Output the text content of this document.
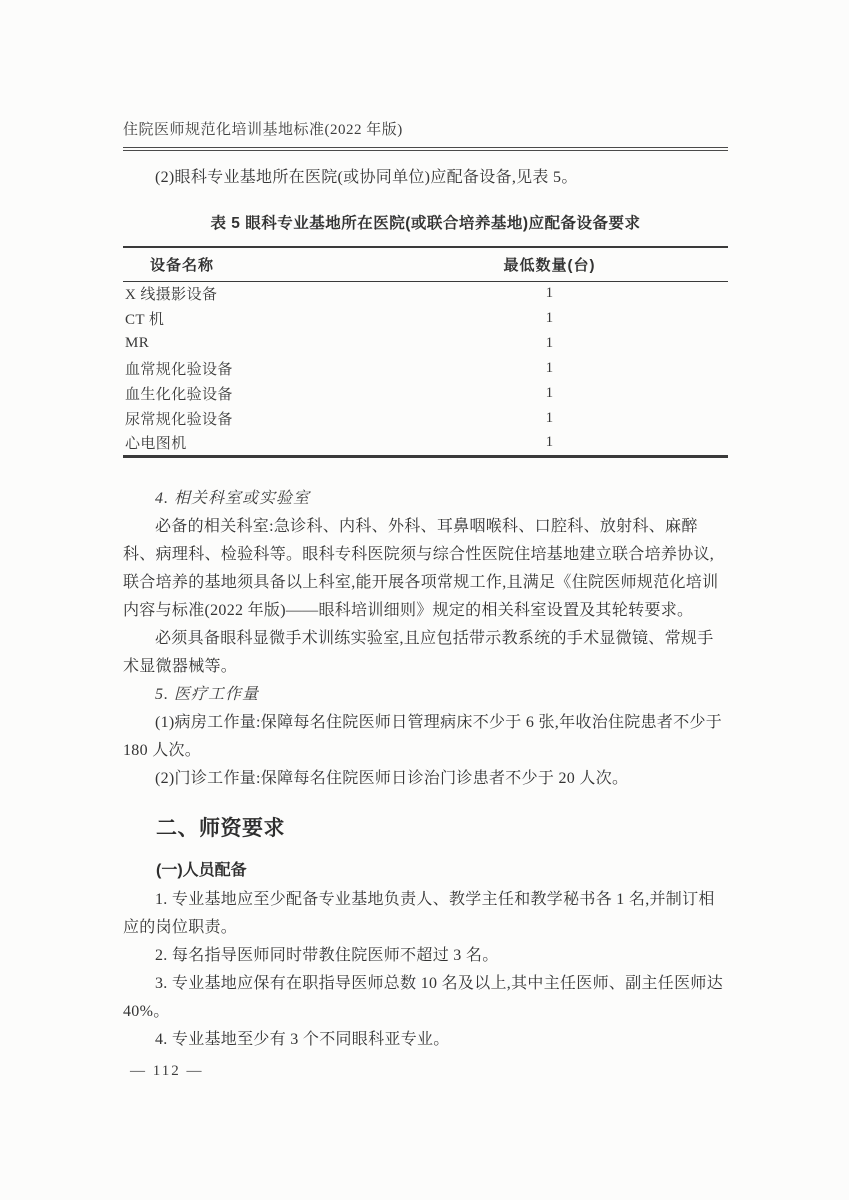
住院医师规范化培训基地标准(2022 年版)

(2)眼科专业基地所在医院(或协同单位)应配备设备,见表 5。

表 5 眼科专业基地所在医院(或联合培养基地)应配备设备要求
设备名称	最低数量(台)
X 线摄影设备	1
CT 机	1
MR	1
血常规化验设备	1
血生化化验设备	1
尿常规化验设备	1
心电图机	1

4. 相关科室或实验室

必备的相关科室:急诊科、内科、外科、耳鼻咽喉科、口腔科、放射科、麻醉科、病理科、检验科等。眼科专科医院须与综合性医院住培基地建立联合培养协议,联合培养的基地须具备以上科室,能开展各项常规工作,且满足《住院医师规范化培训内容与标准(2022 年版)——眼科培训细则》规定的相关科室设置及其轮转要求。

必须具备眼科显微手术训练实验室,且应包括带示教系统的手术显微镜、常规手术显微器械等。

5. 医疗工作量

(1)病房工作量:保障每名住院医师日管理病床不少于 6 张,年收治住院患者不少于 180 人次。

(2)门诊工作量:保障每名住院医师日诊治门诊患者不少于 20 人次。

二、师资要求
(一)人员配备

1. 专业基地应至少配备专业基地负责人、教学主任和教学秘书各 1 名,并制订相应的岗位职责。

2. 每名指导医师同时带教住院医师不超过 3 名。

3. 专业基地应保有在职指导医师总数 10 名及以上,其中主任医师、副主任医师达 40%。

4. 专业基地至少有 3 个不同眼科亚专业。

— 112 —
